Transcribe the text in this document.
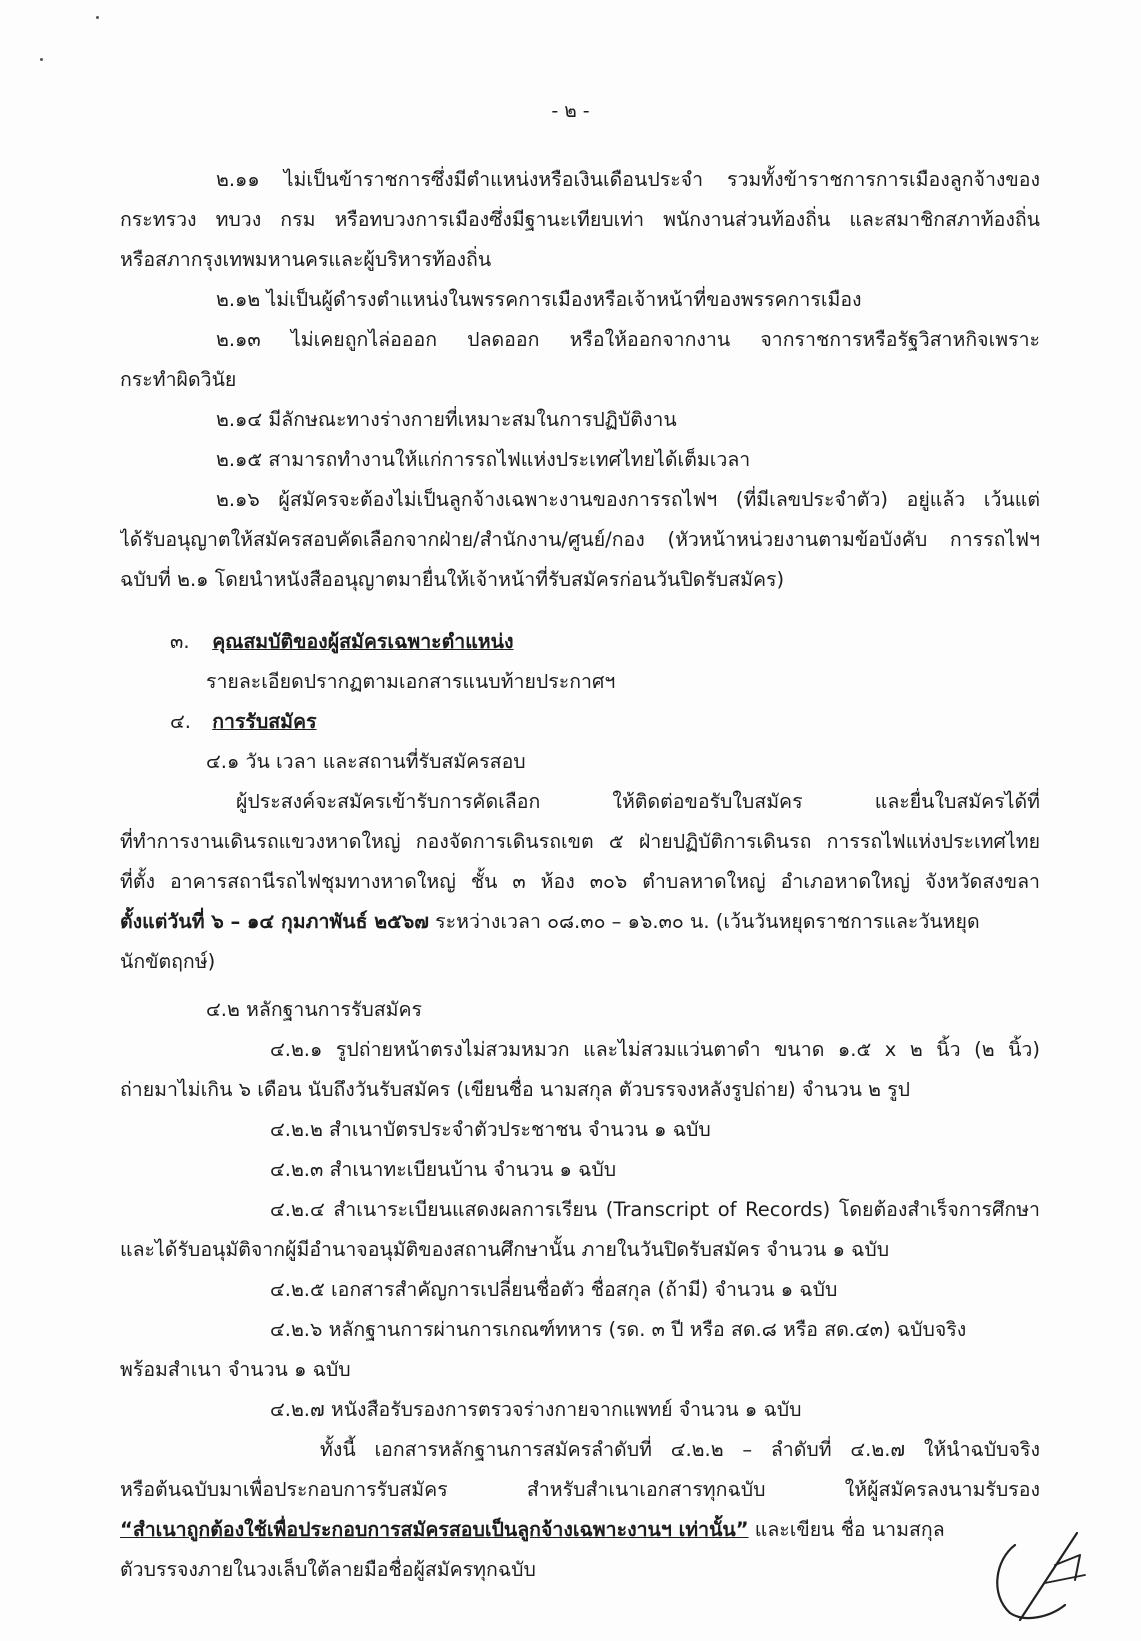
- ๒ -
๒.๑๑ ไม่เป็นข้าราชการซึ่งมีตำแหน่งหรือเงินเดือนประจำ รวมทั้งข้าราชการการเมืองลูกจ้างของ
กระทรวง ทบวง กรม หรือทบวงการเมืองซึ่งมีฐานะเทียบเท่า พนักงานส่วนท้องถิ่น และสมาชิกสภาท้องถิ่น
หรือสภากรุงเทพมหานครและผู้บริหารท้องถิ่น
๒.๑๒ ไม่เป็นผู้ดำรงตำแหน่งในพรรคการเมืองหรือเจ้าหน้าที่ของพรรคการเมือง
๒.๑๓ ไม่เคยถูกไล่อออก ปลดออก หรือให้ออกจากงาน จากราชการหรือรัฐวิสาหกิจเพราะ
กระทำผิดวินัย
๒.๑๔ มีลักษณะทางร่างกายที่เหมาะสมในการปฏิบัติงาน
๒.๑๕ สามารถทำงานให้แก่การรถไฟแห่งประเทศไทยได้เต็มเวลา
๒.๑๖ ผู้สมัครจะต้องไม่เป็นลูกจ้างเฉพาะงานของการรถไฟฯ (ที่มีเลขประจำตัว) อยู่แล้ว เว้นแต่
ได้รับอนุญาตให้สมัครสอบคัดเลือกจากฝ่าย/สำนักงาน/ศูนย์/กอง (หัวหน้าหน่วยงานตามข้อบังคับ การรถไฟฯ
ฉบับที่ ๒.๑ โดยนำหนังสืออนุญาตมายื่นให้เจ้าหน้าที่รับสมัครก่อนวันปิดรับสมัคร)
๓. คุณสมบัติของผู้สมัครเฉพาะตำแหน่ง
รายละเอียดปรากฏตามเอกสารแนบท้ายประกาศฯ
๔. การรับสมัคร
๔.๑ วัน เวลา และสถานที่รับสมัครสอบ
ผู้ประสงค์จะสมัครเข้ารับการคัดเลือก ให้ติดต่อขอรับใบสมัคร และยื่นใบสมัครได้ที่
ที่ทำการงานเดินรถแขวงหาดใหญ่ กองจัดการเดินรถเขต ๕ ฝ่ายปฏิบัติการเดินรถ การรถไฟแห่งประเทศไทย
ที่ตั้ง อาคารสถานีรถไฟชุมทางหาดใหญ่ ชั้น ๓ ห้อง ๓๐๖ ตำบลหาดใหญ่ อำเภอหาดใหญ่ จังหวัดสงขลา
ตั้งแต่วันที่ ๖ – ๑๔ กุมภาพันธ์ ๒๕๖๗ ระหว่างเวลา ๐๘.๓๐ – ๑๖.๓๐ น. (เว้นวันหยุดราชการและวันหยุด
นักขัตฤกษ์)
๔.๒ หลักฐานการรับสมัคร
๔.๒.๑ รูปถ่ายหน้าตรงไม่สวมหมวก และไม่สวมแว่นตาดำ ขนาด ๑.๕ x ๒ นิ้ว (๒ นิ้ว)
ถ่ายมาไม่เกิน ๖ เดือน นับถึงวันรับสมัคร (เขียนชื่อ นามสกุล ตัวบรรจงหลังรูปถ่าย) จำนวน ๒ รูป
๔.๒.๒ สำเนาบัตรประจำตัวประชาชน จำนวน ๑ ฉบับ
๔.๒.๓ สำเนาทะเบียนบ้าน จำนวน ๑ ฉบับ
๔.๒.๔ สำเนาระเบียนแสดงผลการเรียน (Transcript of Records) โดยต้องสำเร็จการศึกษา
และได้รับอนุมัติจากผู้มีอำนาจอนุมัติของสถานศึกษานั้น ภายในวันปิดรับสมัคร จำนวน ๑ ฉบับ
๔.๒.๕ เอกสารสำคัญการเปลี่ยนชื่อตัว ชื่อสกุล (ถ้ามี) จำนวน ๑ ฉบับ
๔.๒.๖ หลักฐานการผ่านการเกณฑ์ทหาร (รด. ๓ ปี หรือ สด.๘ หรือ สด.๔๓) ฉบับจริง
พร้อมสำเนา จำนวน ๑ ฉบับ
๔.๒.๗ หนังสือรับรองการตรวจร่างกายจากแพทย์ จำนวน ๑ ฉบับ
ทั้งนี้ เอกสารหลักฐานการสมัครลำดับที่ ๔.๒.๒ – ลำดับที่ ๔.๒.๗ ให้นำฉบับจริง
หรือต้นฉบับมาเพื่อประกอบการรับสมัคร สำหรับสำเนาเอกสารทุกฉบับ ให้ผู้สมัครลงนามรับรอง
“สำเนาถูกต้องใช้เพื่อประกอบการสมัครสอบเป็นลูกจ้างเฉพาะงานฯ เท่านั้น” และเขียน ชื่อ นามสกุล
ตัวบรรจงภายในวงเล็บใต้ลายมือชื่อผู้สมัครทุกฉบับ
